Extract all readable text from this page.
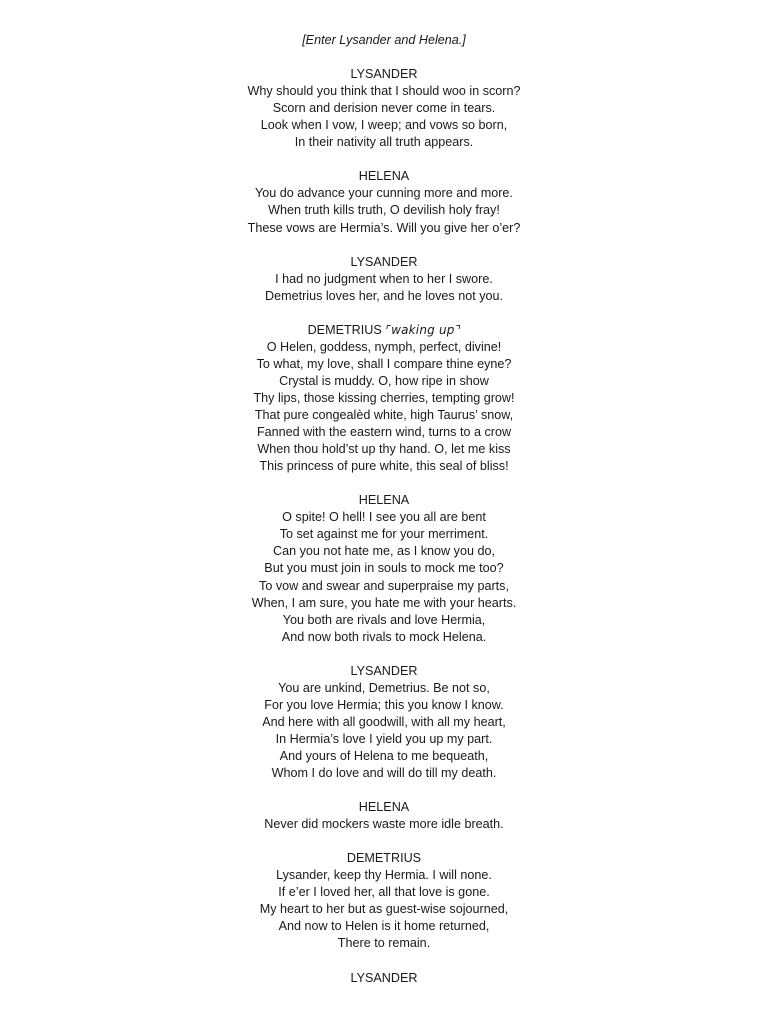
[Enter Lysander and Helena.]

LYSANDER

Why should you think that I should woo in scorn?

Scorn and derision never come in tears.

Look when I vow, I weep; and vows so born,

In their nativity all truth appears.

HELENA

You do advance your cunning more and more.

When truth kills truth, O devilish holy fray!

These vows are Hermia’s. Will you give her o’er?

LYSANDER

I had no judgment when to her I swore.

Demetrius loves her, and he loves not you.

DEMETRIUS ⌜waking up⌝

O Helen, goddess, nymph, perfect, divine!

To what, my love, shall I compare thine eyne?

Crystal is muddy. O, how ripe in show

Thy lips, those kissing cherries, tempting grow!

That pure congealèd white, high Taurus’ snow,

Fanned with the eastern wind, turns to a crow

When thou hold’st up thy hand. O, let me kiss

This princess of pure white, this seal of bliss!

HELENA

O spite! O hell! I see you all are bent

To set against me for your merriment.

Can you not hate me, as I know you do,

But you must join in souls to mock me too?

To vow and swear and superpraise my parts,

When, I am sure, you hate me with your hearts.

You both are rivals and love Hermia,

And now both rivals to mock Helena.

LYSANDER

You are unkind, Demetrius. Be not so,

For you love Hermia; this you know I know.

And here with all goodwill, with all my heart,

In Hermia’s love I yield you up my part.

And yours of Helena to me bequeath,

Whom I do love and will do till my death.

HELENA

Never did mockers waste more idle breath.

DEMETRIUS

Lysander, keep thy Hermia. I will none.

If e’er I loved her, all that love is gone.

My heart to her but as guest-wise sojourned,

And now to Helen is it home returned,

There to remain.

LYSANDER
